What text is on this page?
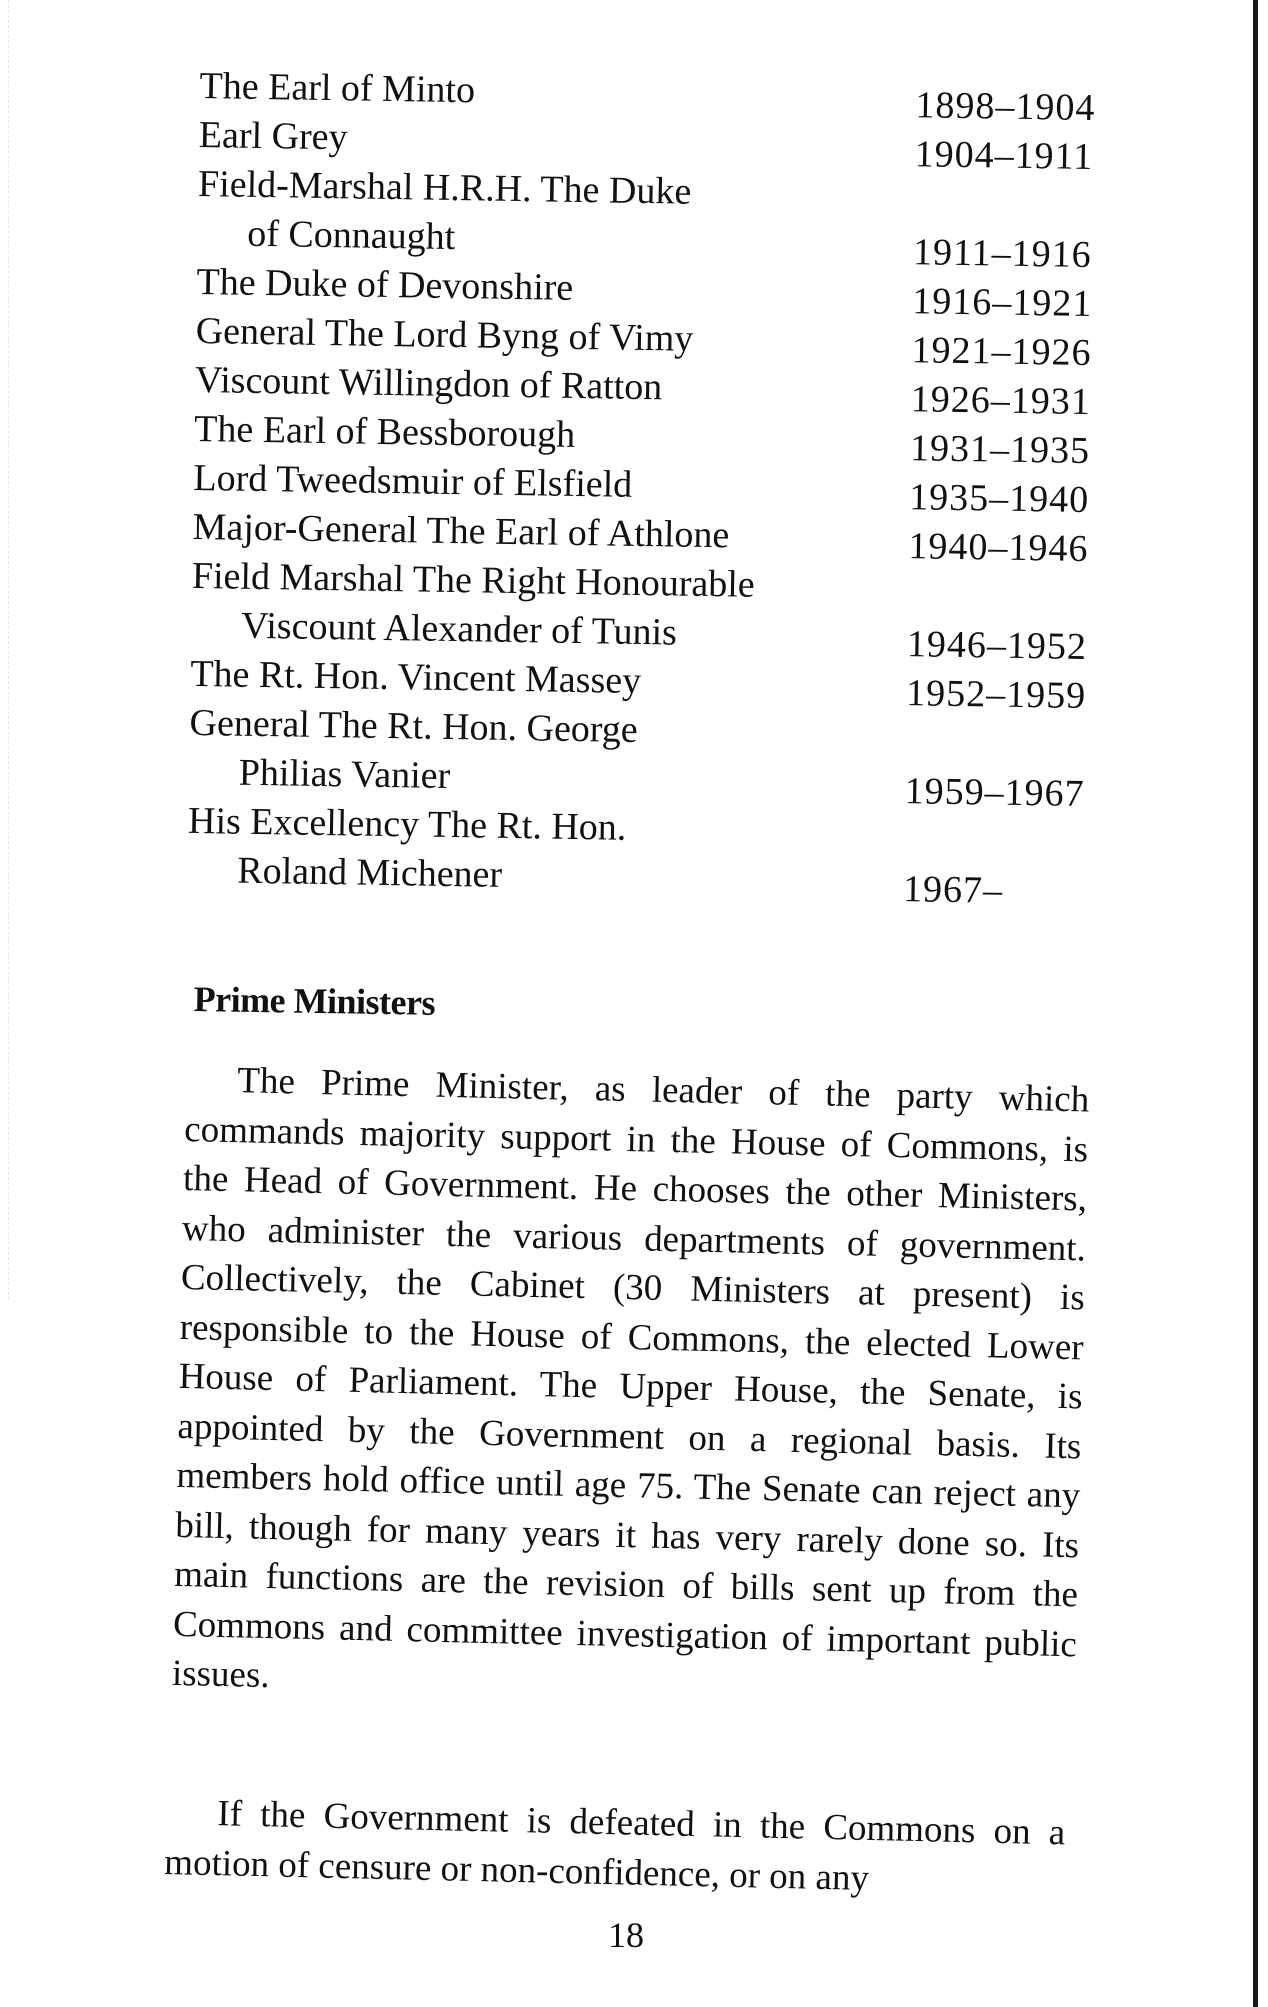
The Earl of Minto	1898–1904
Earl Grey	1904–1911
Field-Marshal H.R.H. The Duke
of Connaught	1911–1916
The Duke of Devonshire	1916–1921
General The Lord Byng of Vimy	1921–1926
Viscount Willingdon of Ratton	1926–1931
The Earl of Bessborough	1931–1935
Lord Tweedsmuir of Elsfield	1935–1940
Major-General The Earl of Athlone	1940–1946
Field Marshal The Right Honourable
Viscount Alexander of Tunis	1946–1952
The Rt. Hon. Vincent Massey	1952–1959
General The Rt. Hon. George
Philias Vanier	1959–1967
His Excellency The Rt. Hon.
Roland Michener	1967–
Prime Ministers

The Prime Minister, as leader of the party which commands majority support in the House of Commons, is the Head of Government. He chooses the other Ministers, who administer the various departments of government. Collectively, the Cabinet (30 Ministers at present) is responsible to the House of Commons, the elected Lower House of Parliament. The Upper House, the Senate, is appointed by the Government on a regional basis. Its members hold office until age 75. The Senate can reject any bill, though for many years it has very rarely done so. Its main functions are the revision of bills sent up from the Commons and committee investigation of important public issues.

If the Government is defeated in the Commons on a motion of censure or non-confidence, or on any

18
